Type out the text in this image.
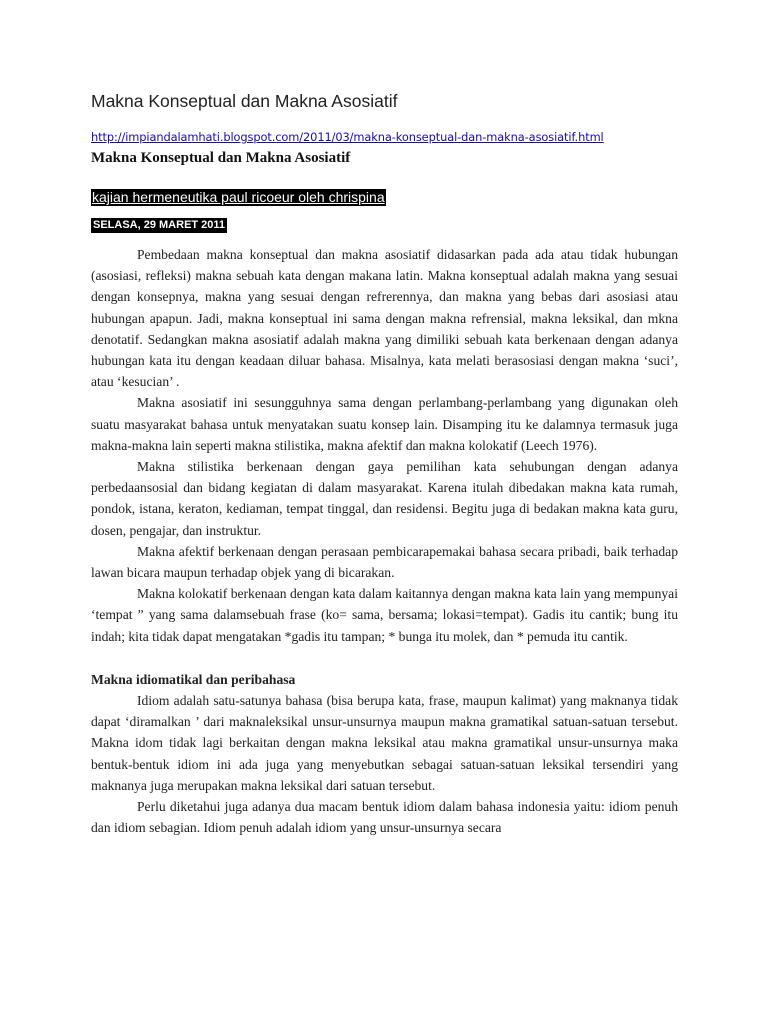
Makna Konseptual dan Makna Asosiatif
http://impiandalamhati.blogspot.com/2011/03/makna-konseptual-dan-makna-asosiatif.html
Makna Konseptual dan Makna Asosiatif
kajian hermeneutika paul ricoeur oleh chrispina
SELASA, 29 MARET 2011

Pembedaan makna konseptual dan makna asosiatif didasarkan pada ada atau tidak hubungan (asosiasi, refleksi) makna sebuah kata dengan makana latin. Makna konseptual adalah makna yang sesuai dengan konsepnya, makna yang sesuai dengan refrerennya, dan makna yang bebas dari asosiasi atau hubungan apapun. Jadi, makna konseptual ini sama dengan makna refrensial, makna leksikal, dan mkna denotatif. Sedangkan makna asosiatif adalah makna yang dimiliki sebuah kata berkenaan dengan adanya hubungan kata itu dengan keadaan diluar bahasa. Misalnya, kata melati berasosiasi dengan makna ‘suci’, atau ‘kesucian’ .

Makna asosiatif ini sesungguhnya sama dengan perlambang-perlambang yang digunakan oleh suatu masyarakat bahasa untuk menyatakan suatu konsep lain. Disamping itu ke dalamnya termasuk juga makna-makna lain seperti makna stilistika, makna afektif dan makna kolokatif (Leech 1976).

Makna stilistika berkenaan dengan gaya pemilihan kata sehubungan dengan adanya perbedaansosial dan bidang kegiatan di dalam masyarakat. Karena itulah dibedakan makna kata rumah, pondok, istana, keraton, kediaman, tempat tinggal, dan residensi. Begitu juga di bedakan makna kata guru, dosen, pengajar, dan instruktur.

Makna afektif berkenaan dengan perasaan pembicarapemakai bahasa secara pribadi, baik terhadap lawan bicara maupun terhadap objek yang di bicarakan.

Makna kolokatif berkenaan dengan kata dalam kaitannya dengan makna kata lain yang mempunyai ‘tempat ” yang sama dalamsebuah frase (ko= sama, bersama; lokasi=tempat). Gadis itu cantik; bung itu indah; kita tidak dapat mengatakan *gadis itu tampan; * bunga itu molek, dan * pemuda itu cantik.

Makna idiomatikal dan peribahasa

Idiom adalah satu-satunya bahasa (bisa berupa kata, frase, maupun kalimat) yang maknanya tidak dapat ‘diramalkan ’ dari maknaleksikal unsur-unsurnya maupun makna gramatikal satuan-satuan tersebut. Makna idom tidak lagi berkaitan dengan makna leksikal atau makna gramatikal unsur-unsurnya maka bentuk-bentuk idiom ini ada juga yang menyebutkan sebagai satuan-satuan leksikal tersendiri yang maknanya juga merupakan makna leksikal dari satuan tersebut.

Perlu diketahui juga adanya dua macam bentuk idiom dalam bahasa indonesia yaitu: idiom penuh dan idiom sebagian. Idiom penuh adalah idiom yang unsur-unsurnya secara
